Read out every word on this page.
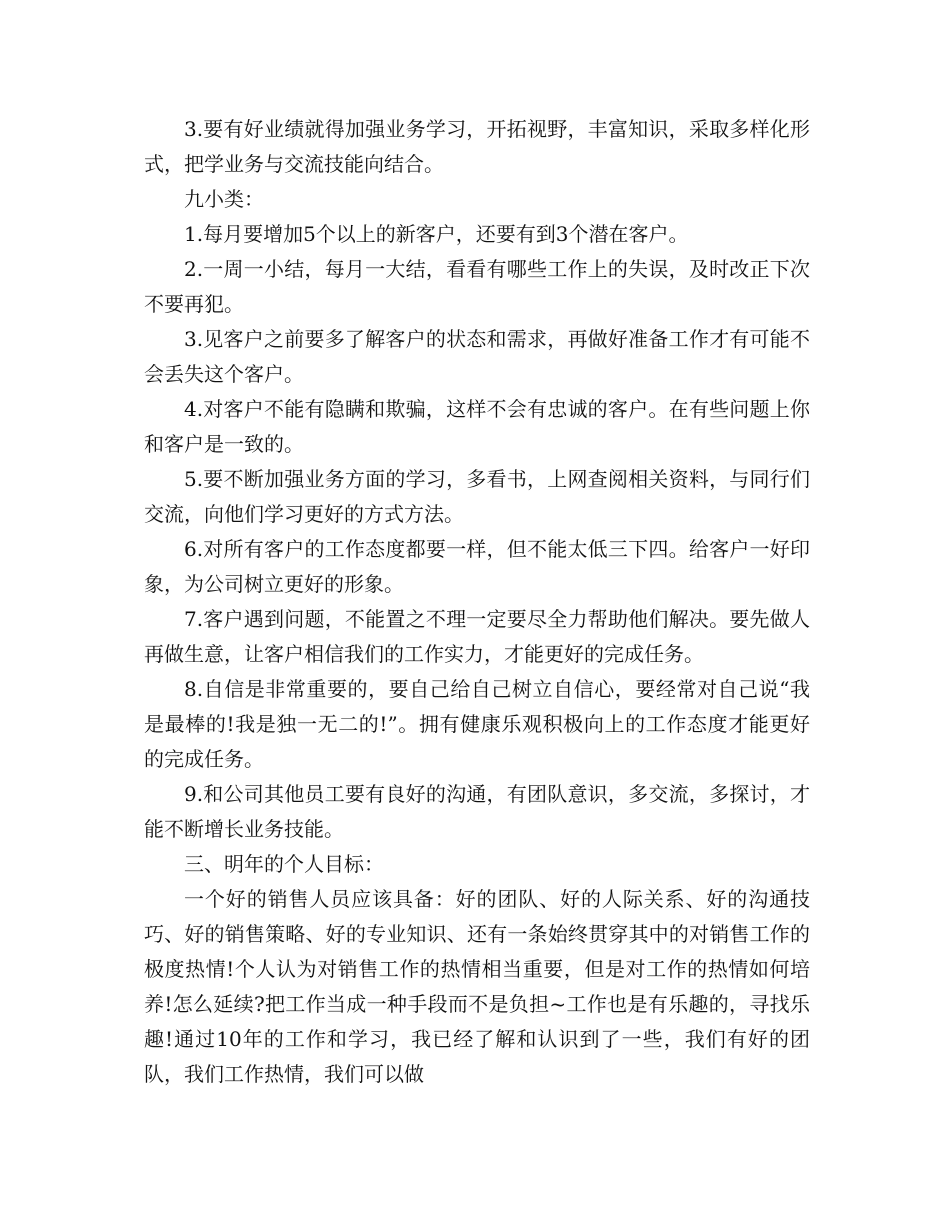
3.要有好业绩就得加强业务学习，开拓视野，丰富知识，采取多样化形式，把学业务与交流技能向结合。

九小类：

1.每月要增加5个以上的新客户，还要有到3个潜在客户。

2.一周一小结，每月一大结，看看有哪些工作上的失误，及时改正下次不要再犯。

3.见客户之前要多了解客户的状态和需求，再做好准备工作才有可能不会丢失这个客户。

4.对客户不能有隐瞒和欺骗，这样不会有忠诚的客户。在有些问题上你和客户是一致的。

5.要不断加强业务方面的学习，多看书，上网查阅相关资料，与同行们交流，向他们学习更好的方式方法。

6.对所有客户的工作态度都要一样，但不能太低三下四。给客户一好印象，为公司树立更好的形象。

7.客户遇到问题，不能置之不理一定要尽全力帮助他们解决。要先做人再做生意，让客户相信我们的工作实力，才能更好的完成任务。

8.自信是非常重要的，要自己给自己树立自信心，要经常对自己说“我是最棒的!我是独一无二的!”。拥有健康乐观积极向上的工作态度才能更好的完成任务。

9.和公司其他员工要有良好的沟通，有团队意识，多交流，多探讨，才能不断增长业务技能。

三、明年的个人目标：

一个好的销售人员应该具备：好的团队、好的人际关系、好的沟通技巧、好的销售策略、好的专业知识、还有一条始终贯穿其中的对销售工作的极度热情!个人认为对销售工作的热情相当重要，但是对工作的热情如何培养!怎么延续?把工作当成一种手段而不是负担~工作也是有乐趣的，寻找乐趣!通过10年的工作和学习，我已经了解和认识到了一些，我们有好的团队，我们工作热情，我们可以做
